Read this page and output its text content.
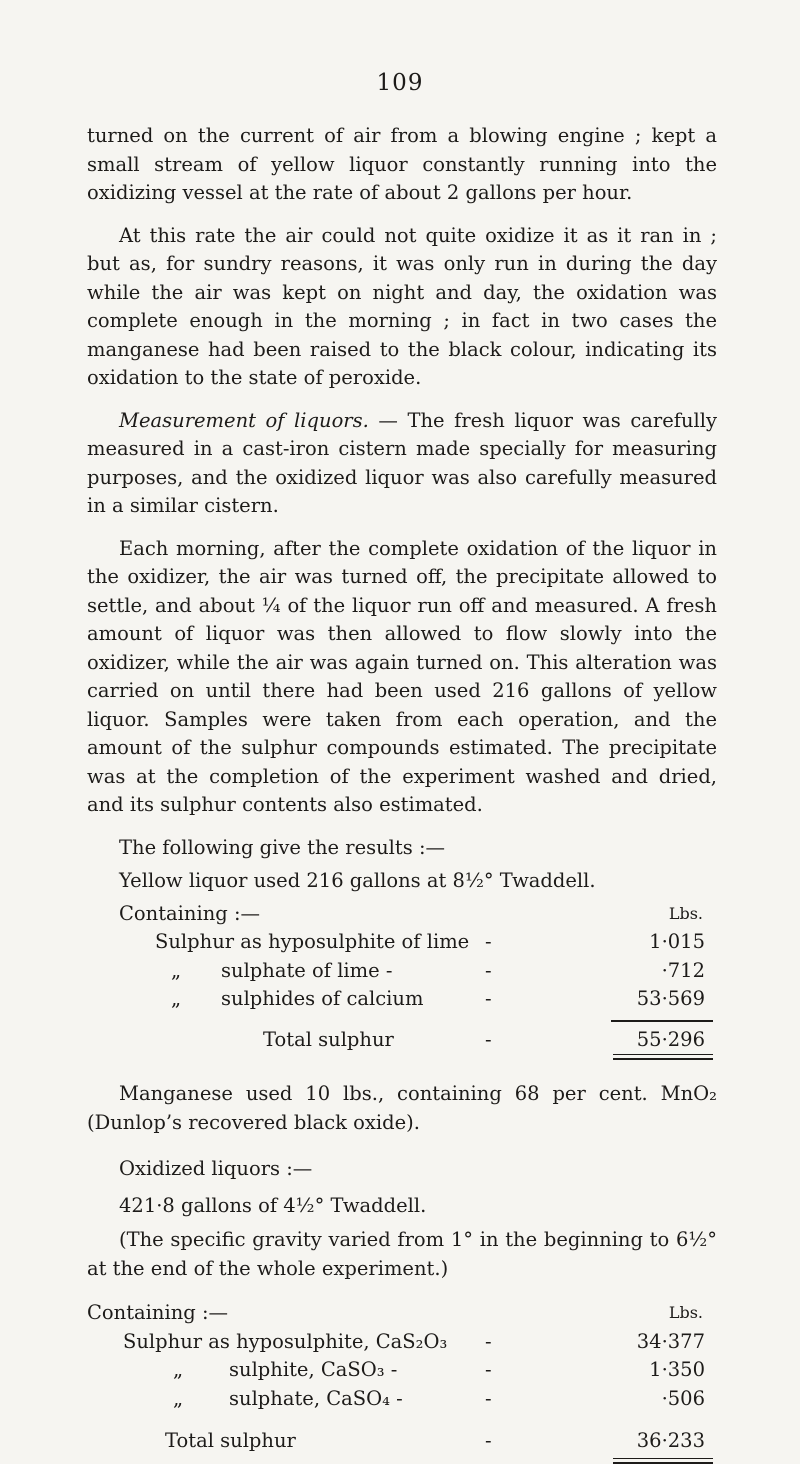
109

turned on the current of air from a blowing engine ; kept a small stream of yellow liquor constantly running into the oxidizing vessel at the rate of about 2 gallons per hour.

At this rate the air could not quite oxidize it as it ran in ; but as, for sundry reasons, it was only run in during the day while the air was kept on night and day, the oxidation was complete enough in the morning ; in fact in two cases the manganese had been raised to the black colour, indicating its oxidation to the state of peroxide.

Measurement of liquors. — The fresh liquor was carefully measured in a cast-iron cistern made specially for measuring purposes, and the oxidized liquor was also carefully measured in a similar cistern.

Each morning, after the complete oxidation of the liquor in the oxidizer, the air was turned off, the precipitate allowed to settle, and about ¼ of the liquor run off and measured. A fresh amount of liquor was then allowed to flow slowly into the oxidizer, while the air was again turned on. This alteration was carried on until there had been used 216 gallons of yellow liquor. Samples were taken from each operation, and the amount of the sulphur compounds estimated. The precipitate was at the completion of the experiment washed and dried, and its sulphur contents also estimated.

The following give the results :—

Yellow liquor used 216 gallons at 8½° Twaddell.

Containing :—	Lbs.
Sulphur as hyposulphite of lime -	1·015
„ sulphate of lime -	-	·712
„ sulphides of calcium	-	53·569
Total sulphur	-	55·296

Manganese used 10 lbs., containing 68 per cent. MnO₂ (Dunlop’s recovered black oxide).

Oxidized liquors :—

421·8 gallons of 4½° Twaddell.

(The specific gravity varied from 1° in the beginning to 6½° at the end of the whole experiment.)

Containing :—	Lbs.
Sulphur as hyposulphite, CaS₂O₃ -	34·377
„ sulphite, CaSO₃ -	-	1·350
„ sulphate, CaSO₄ -	-	·506
Total sulphur	-	36·233
